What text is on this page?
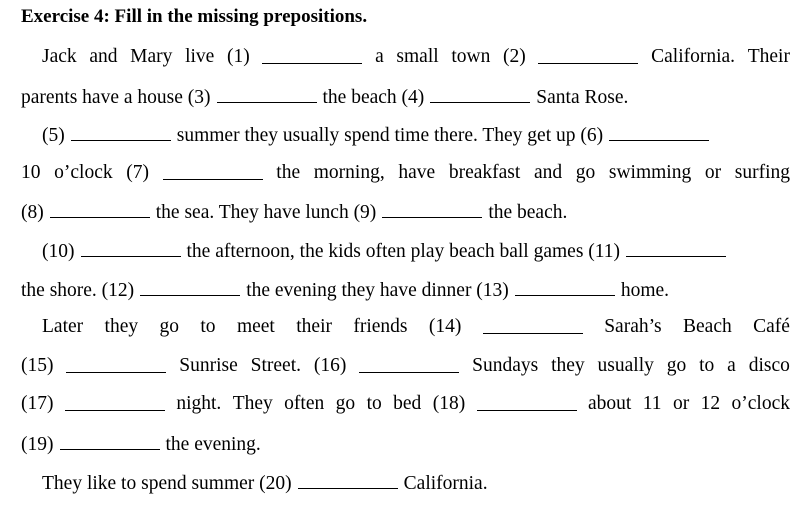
Exercise 4: Fill in the missing prepositions.
Jack and Mary live (1)	a small town (2)	California. Their
parents have a house (3)	the beach (4)	Santa Rose.
(5)	summer they usually spend time there. They get up (6)
10 o’clock (7)	the morning, have breakfast and go swimming or surfing
(8)	the sea. They have lunch (9)	the beach.
(10)	the afternoon, the kids often play beach ball games (11)
the shore. (12)	the evening they have dinner (13)	home.
Later they go to meet their friends (14)	Sarah’s Beach Café
(15)	Sunrise Street. (16)	Sundays they usually go to a disco
(17)	night. They often go to bed (18)	about 11 or 12 o’clock
(19)	the evening.
They like to spend summer (20)	California.
